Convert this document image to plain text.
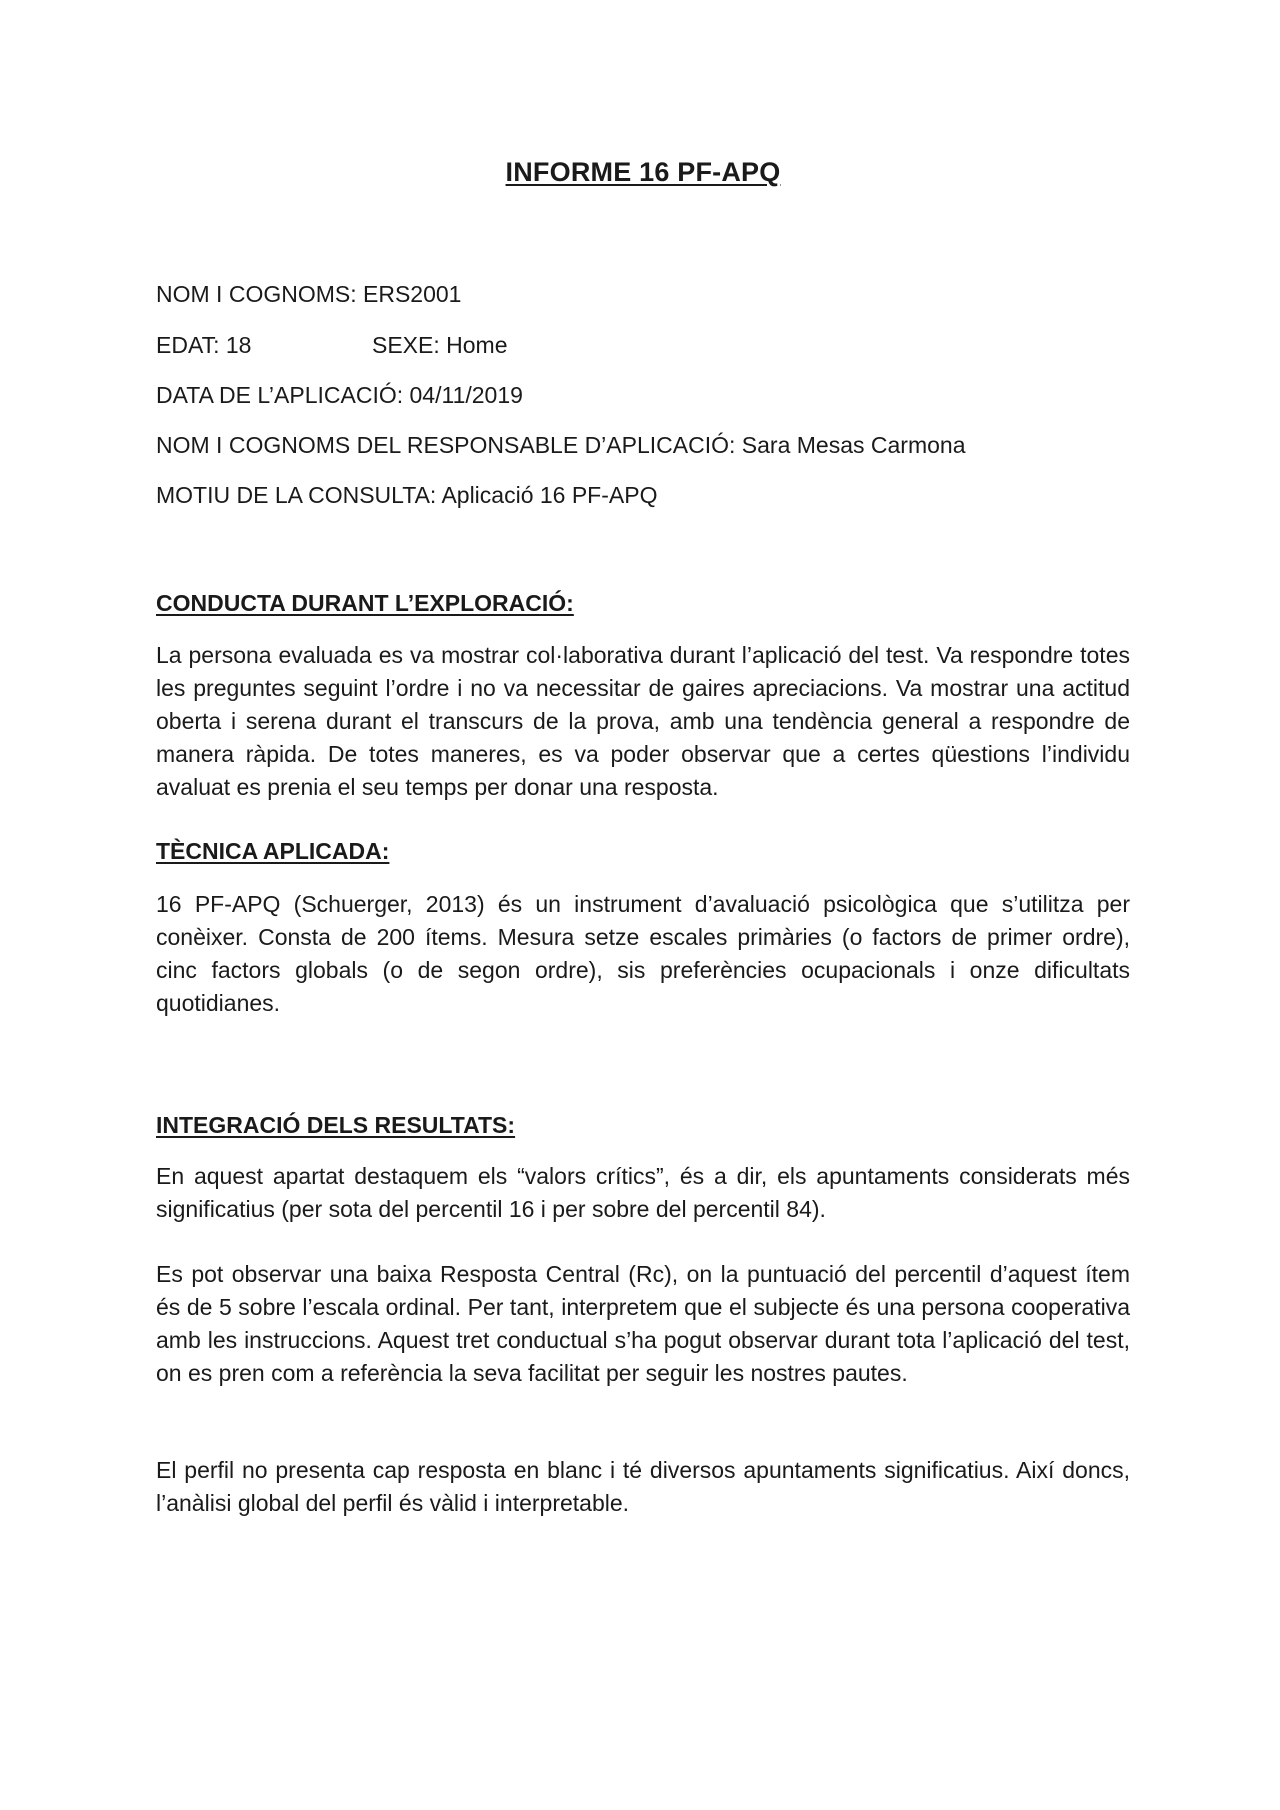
INFORME 16 PF-APQ
NOM I COGNOMS: ERS2001
EDAT: 18	SEXE: Home
DATA DE L’APLICACIÓ: 04/11/2019
NOM I COGNOMS DEL RESPONSABLE D’APLICACIÓ: Sara Mesas Carmona
MOTIU DE LA CONSULTA: Aplicació 16 PF-APQ
CONDUCTA DURANT L’EXPLORACIÓ:

La persona evaluada es va mostrar col·laborativa durant l’aplicació del test. Va respondre totes les preguntes seguint l’ordre i no va necessitar de gaires apreciacions. Va mostrar una actitud oberta i serena durant el transcurs de la prova, amb una tendència general a respondre de manera ràpida. De totes maneres, es va poder observar que a certes qüestions l’individu avaluat es prenia el seu temps per donar una resposta.

TÈCNICA APLICADA:

16 PF-APQ (Schuerger, 2013) és un instrument d’avaluació psicològica que s’utilitza per conèixer. Consta de 200 ítems. Mesura setze escales primàries (o factors de primer ordre), cinc factors globals (o de segon ordre), sis preferències ocupacionals i onze dificultats quotidianes.

INTEGRACIÓ DELS RESULTATS:

En aquest apartat destaquem els “valors crítics”, és a dir, els apuntaments considerats més significatius (per sota del percentil 16 i per sobre del percentil 84).

Es pot observar una baixa Resposta Central (Rc), on la puntuació del percentil d’aquest ítem és de 5 sobre l’escala ordinal. Per tant, interpretem que el subjecte és una persona cooperativa amb les instruccions. Aquest tret conductual s’ha pogut observar durant tota l’aplicació del test, on es pren com a referència la seva facilitat per seguir les nostres pautes.

El perfil no presenta cap resposta en blanc i té diversos apuntaments significatius. Així doncs, l’anàlisi global del perfil és vàlid i interpretable.
